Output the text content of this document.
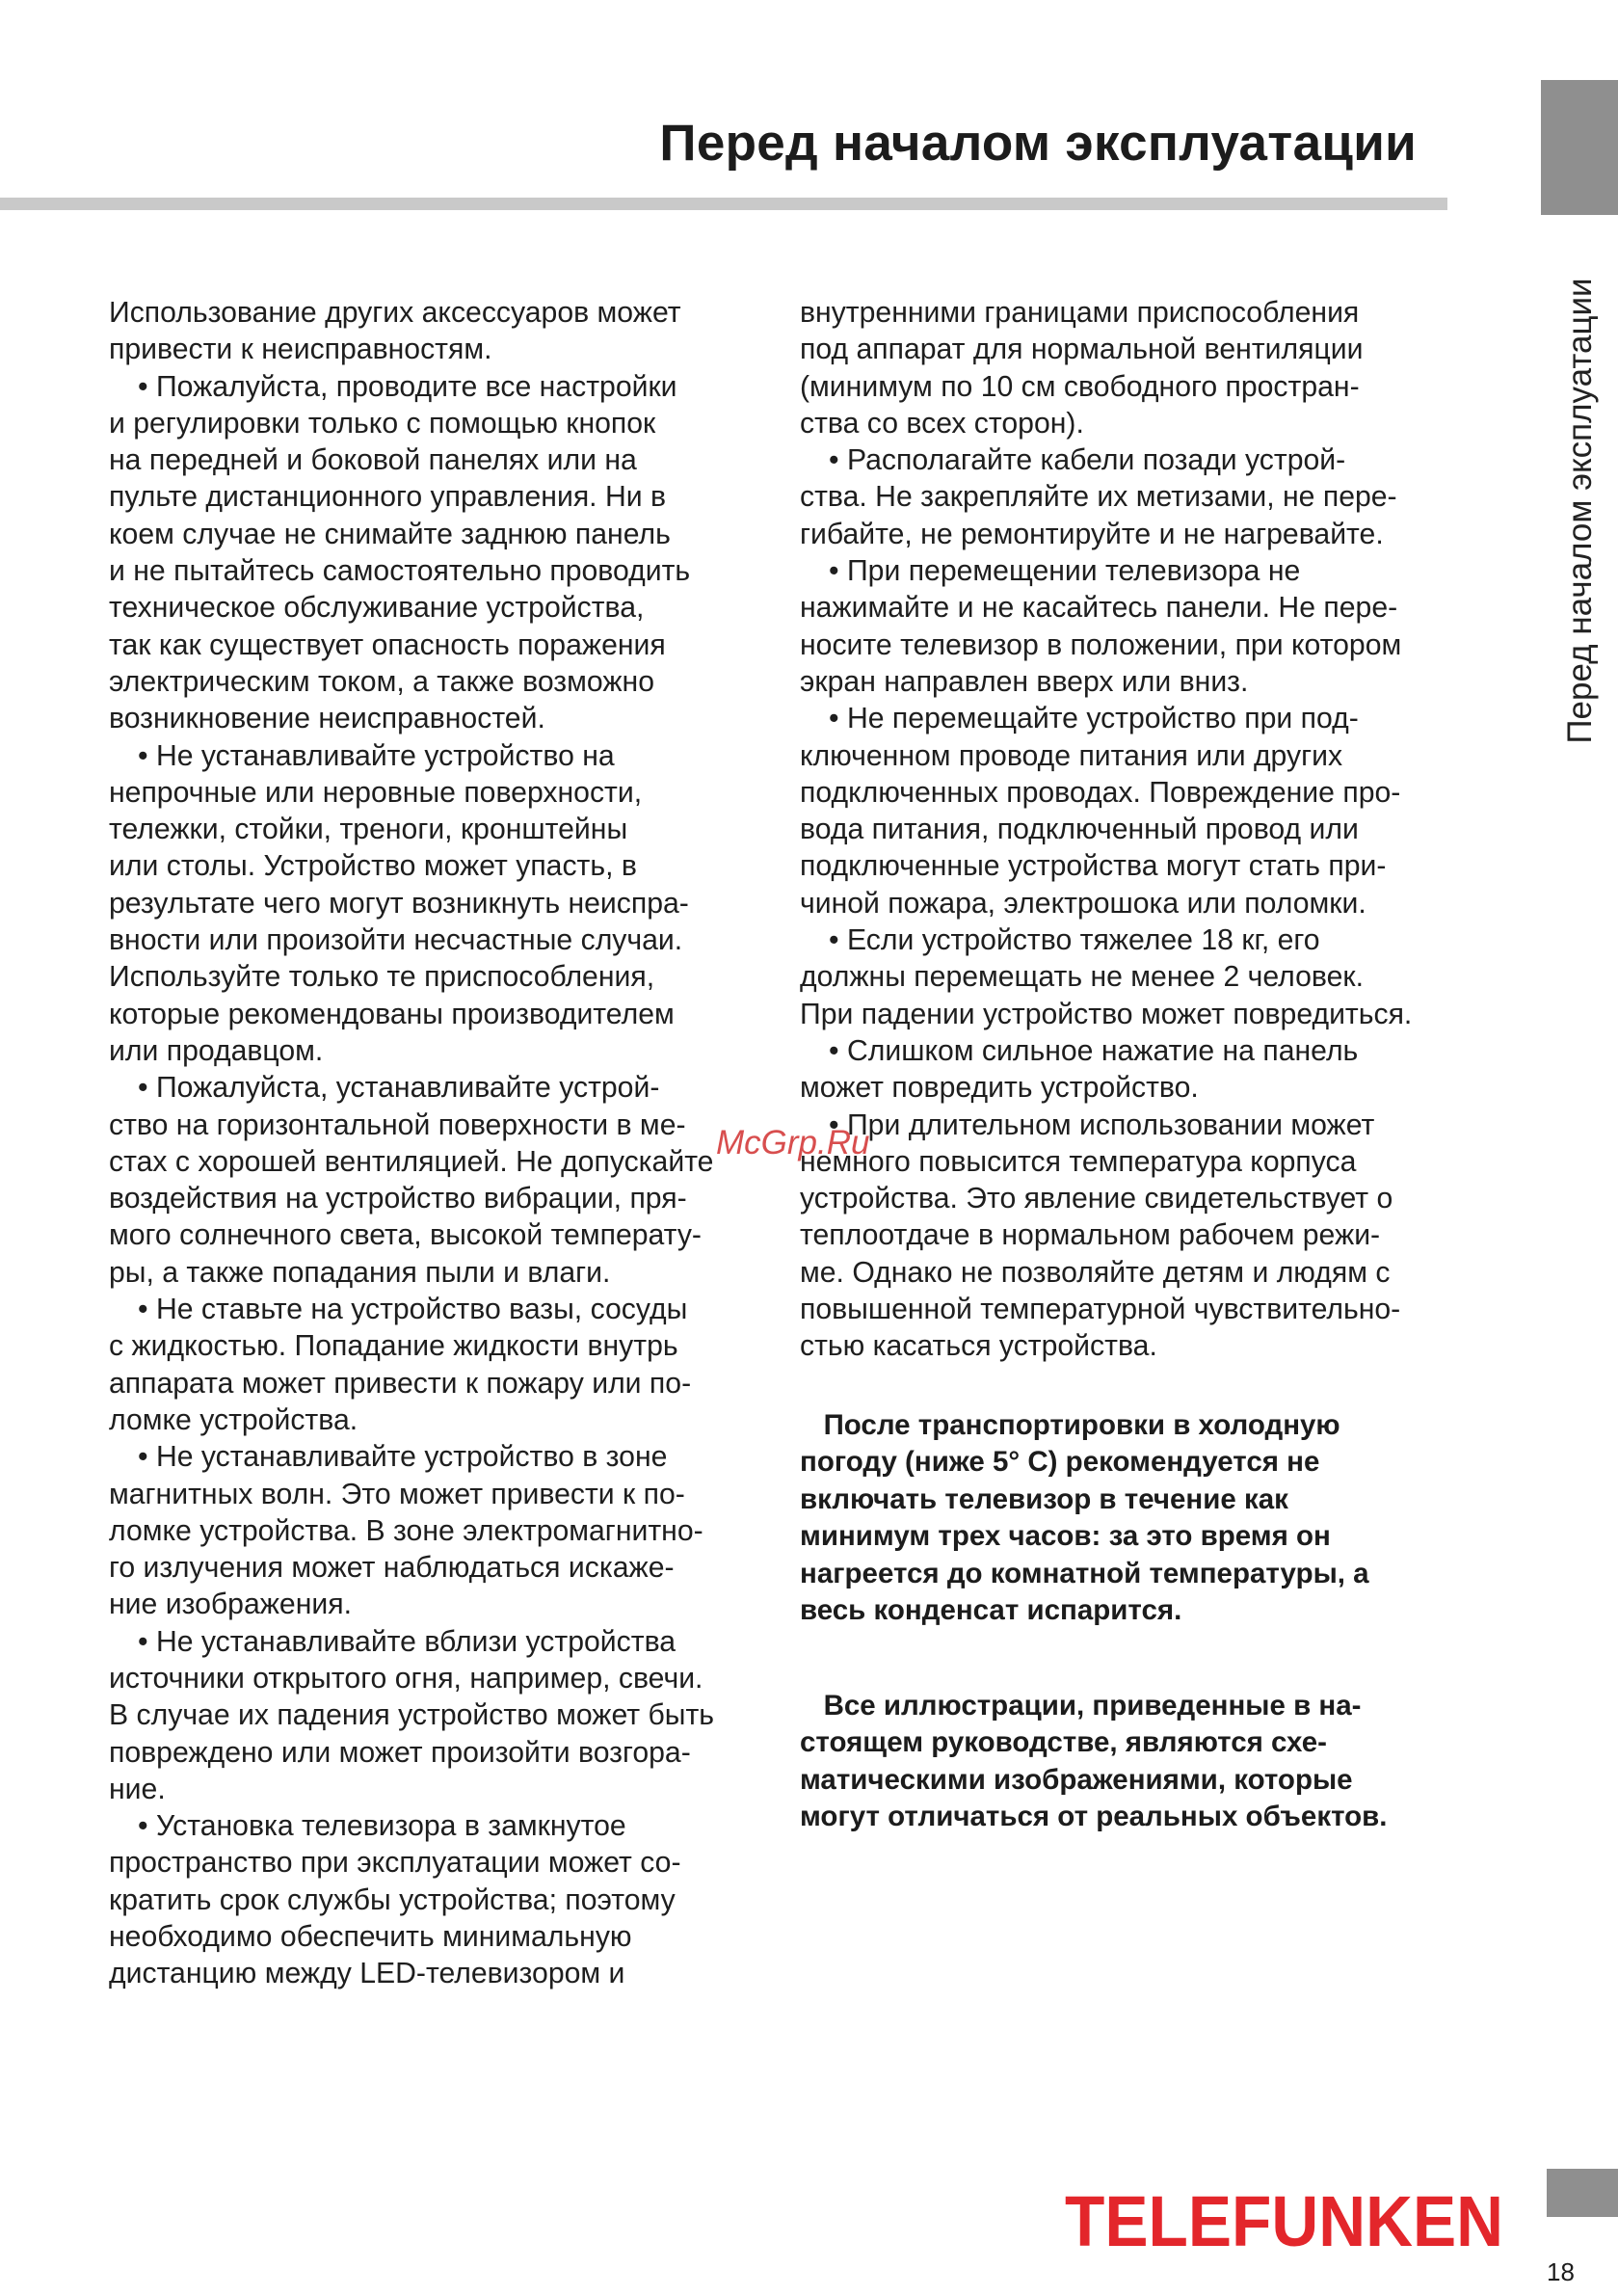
Перед началом эксплуатации
Перед началом эксплуатации

Использование других аксессуаров может

привести к неисправностям.

• Пожалуйста, проводите все настройки

и регулировки только с помощью кнопок

на передней и боковой панелях или на

пульте дистанционного управления. Ни в

коем случае не снимайте заднюю панель

и не пытайтесь самостоятельно проводить

техническое обслуживание устройства,

так как существует опасность поражения

электрическим током, а также возможно

возникновение неисправностей.

• Не устанавливайте устройство на

непрочные или неровные поверхности,

тележки, стойки, треноги, кронштейны

или столы. Устройство может упасть, в

результате чего могут возникнуть неиспра-

вности или произойти несчастные случаи.

Используйте только те приспособления,

которые рекомендованы производителем

или продавцом.

• Пожалуйста, устанавливайте устрой-

ство на горизонтальной поверхности в ме-

стах с хорошей вентиляцией. Не допускайте

воздействия на устройство вибрации, пря-

мого солнечного света, высокой температу-

ры, а также попадания пыли и влаги.

• Не ставьте на устройство вазы, сосуды

с жидкостью. Попадание жидкости внутрь

аппарата может привести к пожару или по-

ломке устройства.

• Не устанавливайте устройство в зоне

магнитных волн. Это может привести к по-

ломке устройства. В зоне электромагнитно-

го излучения может наблюдаться искаже-

ние изображения.

• Не устанавливайте вблизи устройства

источники открытого огня, например, свечи.

В случае их падения устройство может быть

повреждено или может произойти возгора-

ние.

• Установка телевизора в замкнутое

пространство при эксплуатации может со-

кратить срок службы устройства; поэтому

необходимо обеспечить минимальную

дистанцию между LED-телевизором и

внутренними границами приспособления

под аппарат для нормальной вентиляции

(минимум по 10 см свободного простран-

ства со всех сторон).

• Располагайте кабели позади устрой-

ства. Не закрепляйте их метизами, не пере-

гибайте, не ремонтируйте и не нагревайте.

• При перемещении телевизора не

нажимайте и не касайтесь панели. Не пере-

носите телевизор в положении, при котором

экран направлен вверх или вниз.

• Не перемещайте устройство при под-

ключенном проводе питания или других

подключенных проводах. Повреждение про-

вода питания, подключенный провод или

подключенные устройства могут стать при-

чиной пожара, электрошока или поломки.

• Если устройство тяжелее 18 кг, его

должны перемещать не менее 2 человек.

При падении устройство может повредиться.

• Слишком сильное нажатие на панель

может повредить устройство.

• При длительном использовании может

немного повысится температура корпуса

устройства. Это явление свидетельствует о

теплоотдаче в нормальном рабочем режи-

ме. Однако не позволяйте детям и людям с

повышенной температурной чувствительно-

стью касаться устройства.

После транспортировки в холодную

погоду (ниже 5° С) рекомендуется не

включать телевизор в течение как

минимум трех часов: за это время он

нагреется до комнатной температуры, а

весь конденсат испарится.

Все иллюстрации, приведенные в на-

стоящем руководстве, являются схе-

матическими изображениями, которые

могут отличаться от реальных объектов.

McGrp.Ru
TELEFUNKEN
18
